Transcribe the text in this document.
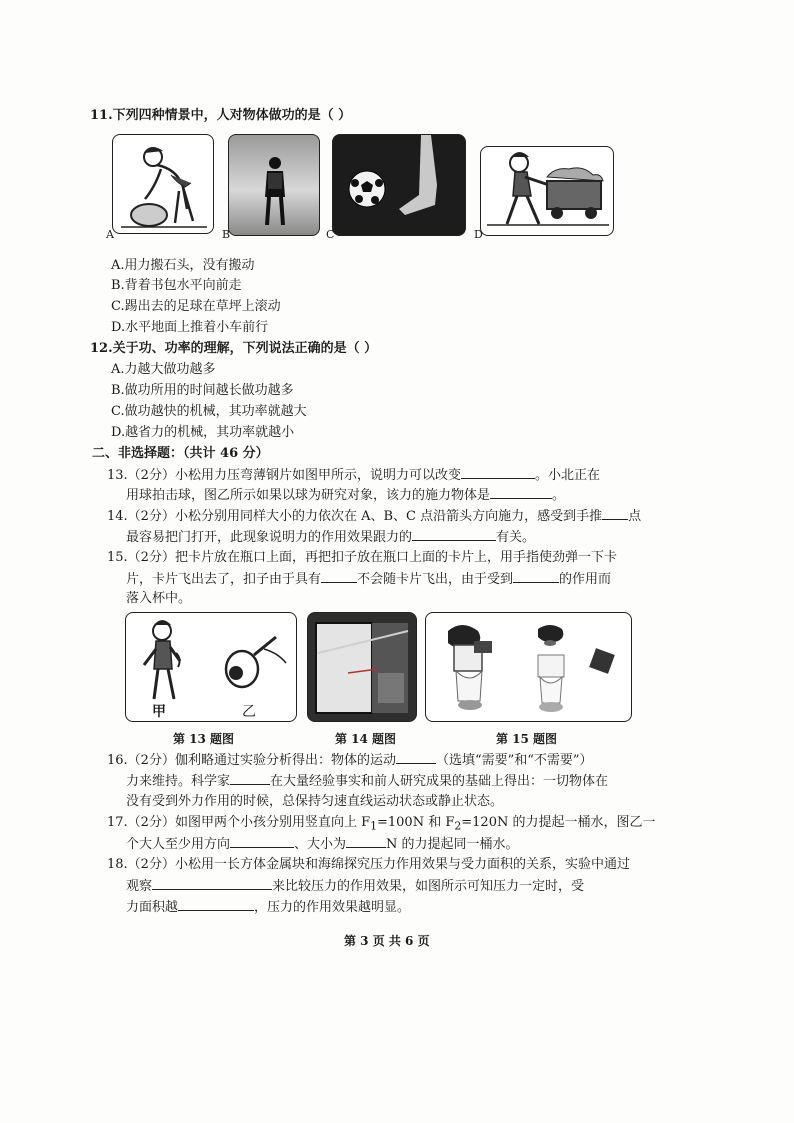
11.下列四种情景中，人对物体做功的是（ ）
A	B	C	D
A.用力搬石头，没有搬动
B.背着书包水平向前走
C.踢出去的足球在草坪上滚动
D.水平地面上推着小车前行
12.关于功、功率的理解，下列说法正确的是（ ）
A.力越大做功越多
B.做功所用的时间越长做功越多
C.做功越快的机械，其功率就越大
D.越省力的机械，其功率就越小
二、非选择题：（共计 46 分）
13.（2分）小松用力压弯薄钢片如图甲所示，说明力可以改变	。小北正在
用球拍击球，图乙所示如果以球为研究对象，该力的施力物体是	。
14.（2分）小松分别用同样大小的力依次在 A、B、C 点沿箭头方向施力，感受到手推 点
最容易把门打开，此现象说明力的作用效果跟力的	有关。
15.（2分）把卡片放在瓶口上面，再把扣子放在瓶口上面的卡片上，用手指使劲弹一下卡
片，卡片飞出去了，扣子由于具有	不会随卡片飞出，由于受到	的作用而
落入杯中。
甲	乙
第 13 题图	第 14 题图	第 15 题图
16.（2分）伽利略通过实验分析得出：物体的运动	（选填“需要”和“不需要”）
力来维持。科学家	在大量经验事实和前人研究成果的基础上得出：一切物体在
没有受到外力作用的时候，总保持匀速直线运动状态或静止状态。
17.（2分）如图甲两个小孩分别用竖直向上 $F_1=100N$ 和 $F_2=120N$ 的力提起一桶水，图乙一
个大人至少用方向	、大小为	N 的力提起同一桶水。
18.（2分）小松用一长方体金属块和海绵探究压力作用效果与受力面积的关系，实验中通过
观察	来比较压力的作用效果，如图所示可知压力一定时，受
力面积越	，压力的作用效果越明显。
第 3 页 共 6 页
